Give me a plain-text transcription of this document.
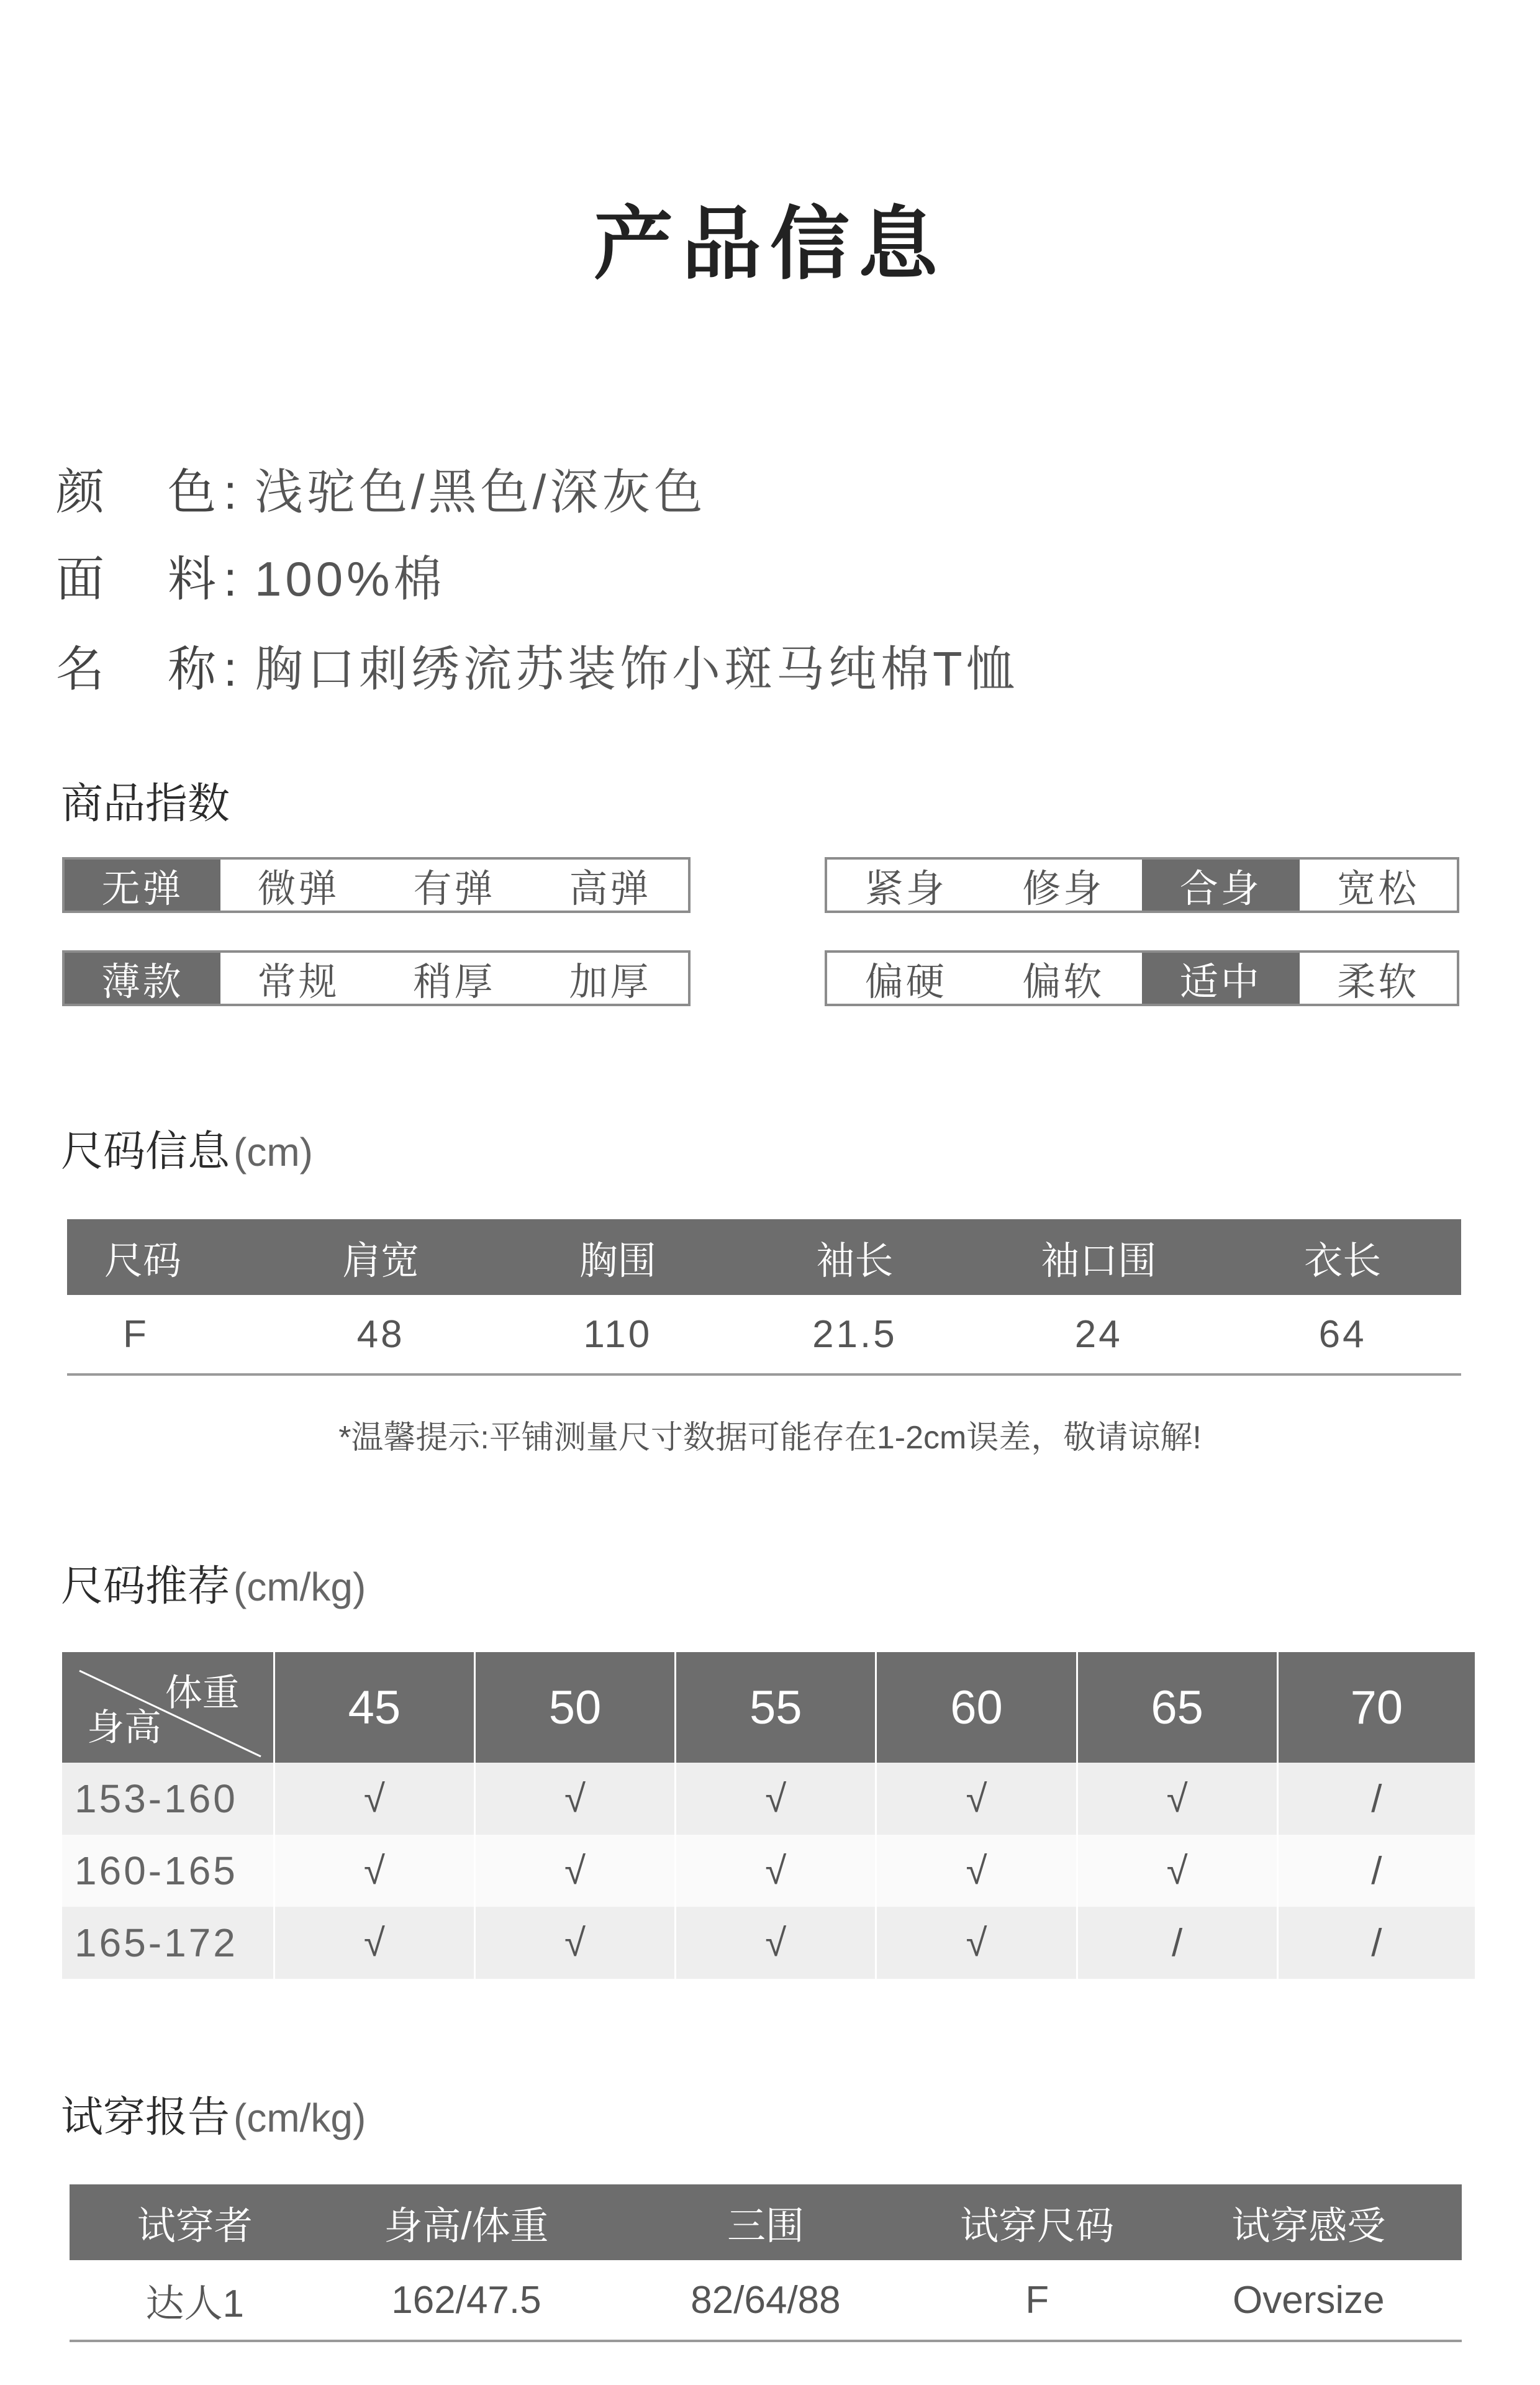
产品信息
颜	色 : 浅驼色/黑色/深灰色
面	料 : 100%棉
名	称 : 胸口刺绣流苏装饰小斑马纯棉T恤
商品指数
无弹	微弹	有弹	高弹	紧身	修身	合身	宽松
薄款	常规	稍厚	加厚	偏硬	偏软	适中	柔软
尺码信息(cm)
尺码	肩宽	胸围	袖长	袖口围	衣长
F	48	110	21.5	24	64
*温馨提示:平铺测量尺寸数据可能存在1-2cm误差，敬请谅解!
尺码推荐(cm/kg)
体重
身高	45	50	55	60	65	70
153-160	√	√	√	√	√	/
160-165	√	√	√	√	√	/
165-172	√	√	√	√	/	/
试穿报告(cm/kg)
试穿者	身高/体重	三围	试穿尺码	试穿感受
达人1	162/47.5	82/64/88	F	Oversize
